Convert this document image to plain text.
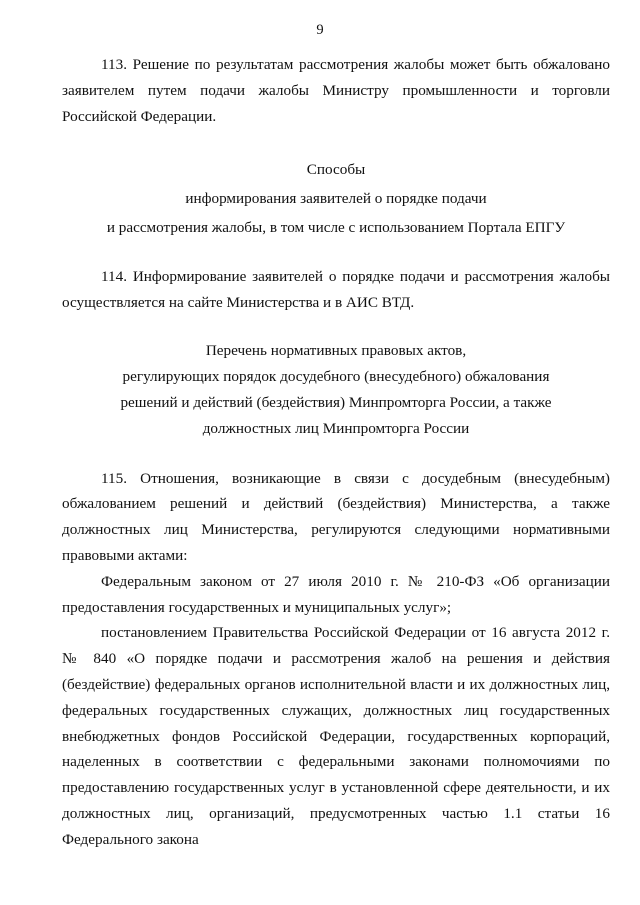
9

113. Решение по результатам рассмотрения жалобы может быть обжаловано заявителем путем подачи жалобы Министру промышленности и торговли Российской Федерации.

Способы

информирования заявителей о порядке подачи

и рассмотрения жалобы, в том числе с использованием Портала ЕПГУ

114. Информирование заявителей о порядке подачи и рассмотрения жалобы осуществляется на сайте Министерства и в АИС ВТД.

Перечень нормативных правовых актов,

регулирующих порядок досудебного (внесудебного) обжалования

решений и действий (бездействия) Минпромторга России, а также

должностных лиц Минпромторга России

115. Отношения, возникающие в связи с досудебным (внесудебным) обжалованием решений и действий (бездействия) Министерства, а также должностных лиц Министерства, регулируются следующими нормативными правовыми актами:

Федеральным законом от 27 июля 2010 г. № 210-ФЗ «Об организации предоставления государственных и муниципальных услуг»;

постановлением Правительства Российской Федерации от 16 августа 2012 г. № 840 «О порядке подачи и рассмотрения жалоб на решения и действия (бездействие) федеральных органов исполнительной власти и их должностных лиц, федеральных государственных служащих, должностных лиц государственных внебюджетных фондов Российской Федерации, государственных корпораций, наделенных в соответствии с федеральными законами полномочиями по предоставлению государственных услуг в установленной сфере деятельности, и их должностных лиц, организаций, предусмотренных частью 1.1 статьи 16 Федерального закона
